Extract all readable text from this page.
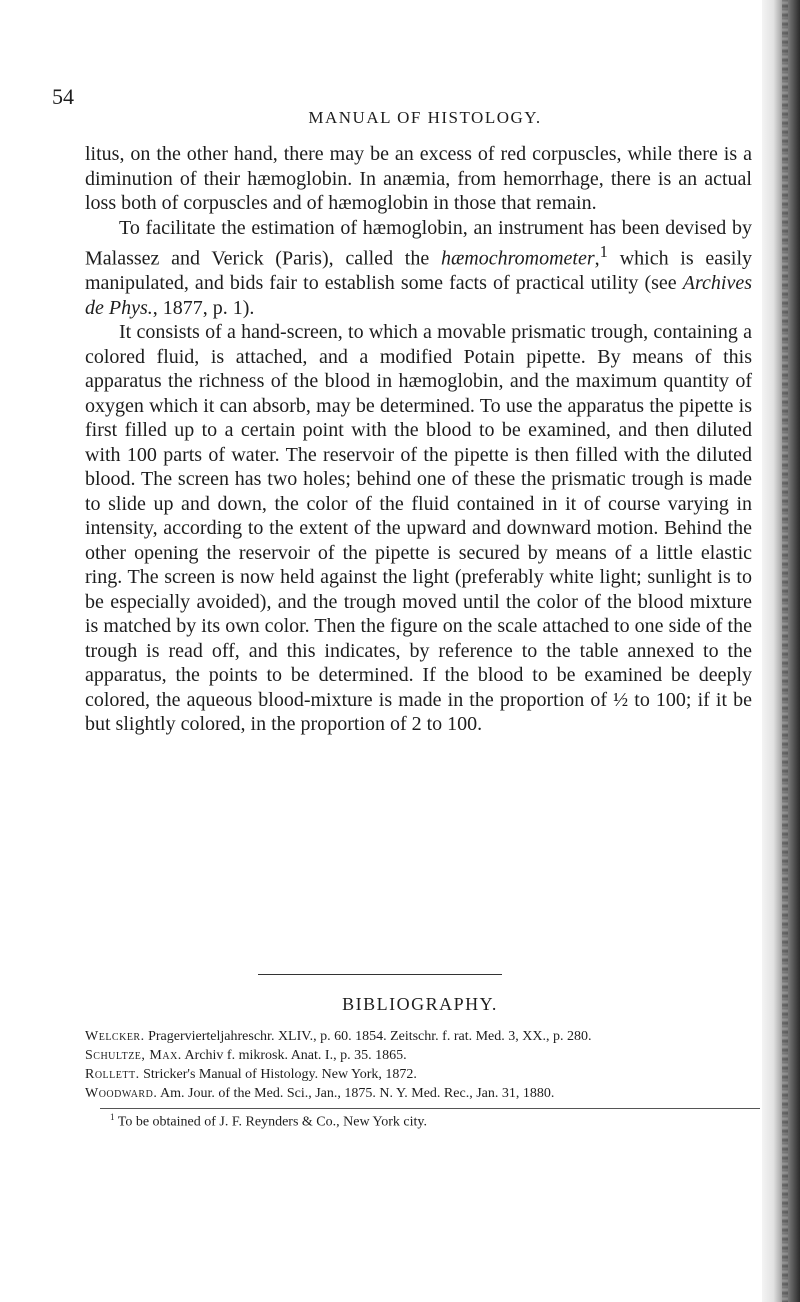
54
MANUAL OF HISTOLOGY.

litus, on the other hand, there may be an excess of red corpuscles, while there is a diminution of their hæmoglobin. In anæmia, from hemorrhage, there is an actual loss both of corpuscles and of hæmoglobin in those that remain.

To facilitate the estimation of hæmoglobin, an instrument has been devised by Malassez and Verick (Paris), called the hæmochromometer,$^1$ which is easily manipulated, and bids fair to establish some facts of practical utility (see Archives de Phys., 1877, p. 1).

It consists of a hand-screen, to which a movable prismatic trough, containing a colored fluid, is attached, and a modified Potain pipette. By means of this apparatus the richness of the blood in hæmoglobin, and the maximum quantity of oxygen which it can absorb, may be determined. To use the apparatus the pipette is first filled up to a certain point with the blood to be examined, and then diluted with 100 parts of water. The reservoir of the pipette is then filled with the diluted blood. The screen has two holes; behind one of these the prismatic trough is made to slide up and down, the color of the fluid contained in it of course varying in intensity, according to the extent of the upward and downward motion. Behind the other opening the reservoir of the pipette is secured by means of a little elastic ring. The screen is now held against the light (preferably white light; sunlight is to be especially avoided), and the trough moved until the color of the blood mixture is matched by its own color. Then the figure on the scale attached to one side of the trough is read off, and this indicates, by reference to the table annexed to the apparatus, the points to be determined. If the blood to be examined be deeply colored, the aqueous blood-mixture is made in the proportion of ½ to 100; if it be but slightly colored, in the proportion of 2 to 100.

BIBLIOGRAPHY.

Welcker. Pragervierteljahreschr. XLIV., p. 60. 1854. Zeitschr. f. rat. Med. 3, XX., p. 280.

Schultze, Max. Archiv f. mikrosk. Anat. I., p. 35. 1865.

Rollett. Stricker's Manual of Histology. New York, 1872.

Woodward. Am. Jour. of the Med. Sci., Jan., 1875. N. Y. Med. Rec., Jan. 31, 1880.

$^1$ To be obtained of J. F. Reynders & Co., New York city.
